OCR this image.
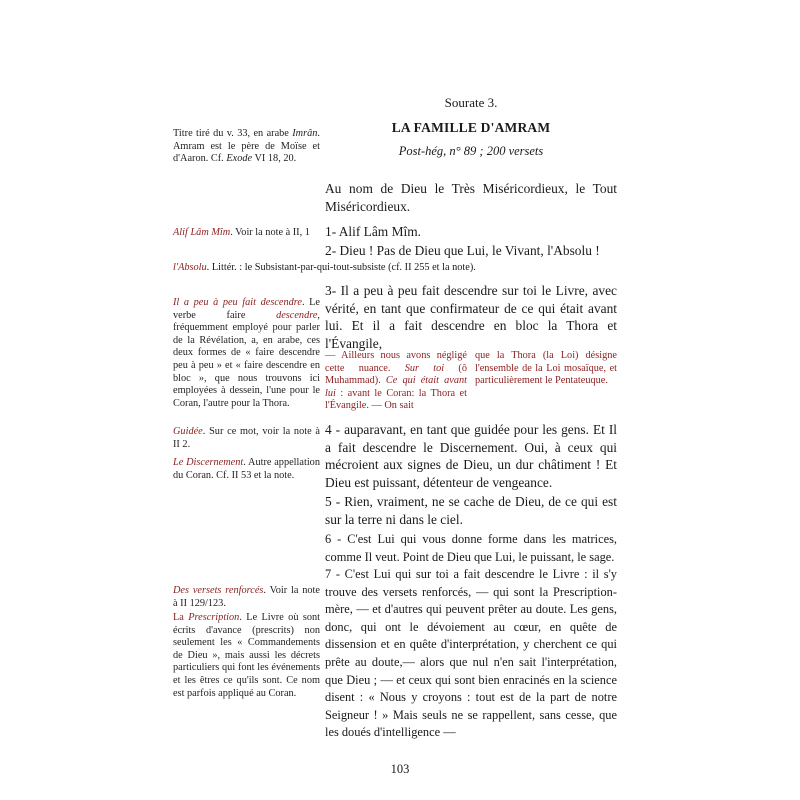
Sourate 3.
LA FAMILLE D'AMRAM
Post-hég, n° 89 ; 200 versets
Titre tiré du v. 33, en arabe Imrân. Amram est le père de Moïse et d'Aaron. Cf. Exode VI 18, 20.
Au nom de Dieu le Très Miséricordieux, le Tout Miséricordieux.
Alif Lâm Mîm. Voir la note à II, 1	1- Alif Lâm Mîm.
2- Dieu ! Pas de Dieu que Lui, le Vivant, l'Absolu !
l'Absolu. Littér. : le Subsistant-par-qui-tout-subsiste (cf. II 255 et la note).
3- Il a peu à peu fait descendre sur toi le Livre, avec vérité, en tant que confirmateur de ce qui était avant lui. Et il a fait descendre en bloc la Thora et l'Évangile,
Il a peu à peu fait descendre. Le verbe faire descendre, fréquemment employé pour parler de la Révélation, a, en arabe, ces deux formes de « faire descendre peu à peu » et « faire descendre en bloc », que nous trouvons ici employées à dessein, l'une pour le Coran, l'autre pour la Thora.
— Ailleurs nous avons négligé cette nuance. Sur toi (ô Muhammad). Ce qui était avant lui : avant le Coran: la Thora et l'Évangile. — On sait
que la Thora (la Loi) désigne l'ensemble de la Loi mosaïque, et particulièrement le Pentateuque.
Guidée. Sur ce mot, voir la note à II 2.
4 - auparavant, en tant que guidée pour les gens. Et Il a fait descendre le Discernement. Oui, à ceux qui mécroient aux signes de Dieu, un dur châtiment ! Et Dieu est puissant, détenteur de vengeance.
Le Discernement. Autre appellation du Coran. Cf. II 53 et la note.
5 - Rien, vraiment, ne se cache de Dieu, de ce qui est sur la terre ni dans le ciel.
6 - C'est Lui qui vous donne forme dans les matrices, comme Il veut. Point de Dieu que Lui, le puissant, le sage.
Des versets renforcés. Voir la note à II 129/123.
La Prescription. Le Livre où sont écrits d'avance (prescrits) non seulement les « Commandements de Dieu », mais aussi les décrets particuliers qui font les événements et les êtres ce qu'ils sont. Ce nom est parfois appliqué au Coran.
7 - C'est Lui qui sur toi a fait descendre le Livre : il s'y trouve des versets renforcés, — qui sont la Prescription-mère, — et d'autres qui peuvent prêter au doute. Les gens, donc, qui ont le dévoiement au cœur, en quête de dissension et en quête d'interprétation, y cherchent ce qui prête au doute,— alors que nul n'en sait l'interprétation, que Dieu ; — et ceux qui sont bien enracinés en la science disent : « Nous y croyons : tout est de la part de notre Seigneur ! » Mais seuls ne se rappellent, sans cesse, que les doués d'intelligence —
103
